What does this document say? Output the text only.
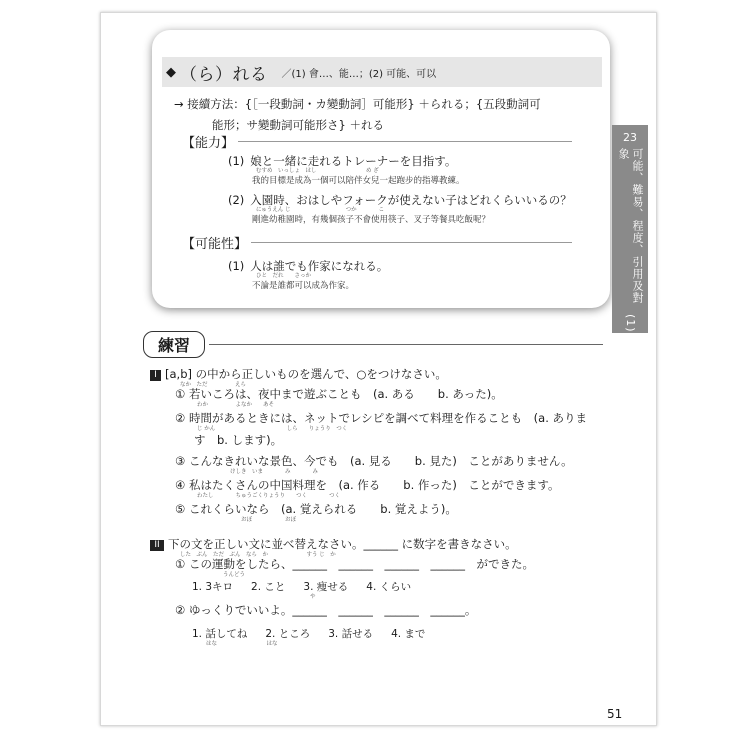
◆ （ら）れる ／(1) 會…、能…；(2) 可能、可以
→ 接續方法：{［一段動詞・カ變動詞］可能形} ＋られる；{五段動詞可
能形；サ變動詞可能形さ} ＋れる
【能力】
(1) 娘と一緒に走れるトレーナーを目指す。
むすめ　いっしょ　はし　　　　　　　　　め ざ
我的目標是成為一個可以陪伴女兒一起跑步的指導教練。
(2) 入園時、おはしやフォークが使えない子はどれくらいいるの？
にゅうえん じ　　　　　　　　　　つか　　　　こ
剛進幼稚園時，有幾個孩子不會使用筷子、叉子等餐具吃飯呢？
【可能性】
(1) 人は誰でも作家になれる。
ひと　だれ　　さっか
不論是誰都可以成為作家。
23
可能、難易、程度、引用及對象
(1)
練習
I [a,b] の中から正しいものを選んで、○をつけなさい。
なか　ただ　　　　　えら
① 若いころは、夜中まで遊ぶことも　(a. ある　　b. あった)。
わか　　　　　よなか　　あそ
② 時間があるときには、ネットでレシピを調べて料理を作ることも　(a. ありま
じ かん　　　　　　　　　　　　　しら　　りょうり　つく
す　b. します)。
③ こんなきれいな景色、今でも　(a. 見る　　b. 見た)　ことがありません。
　　　　　　けしき　いま　　　　み　　　　み
④ 私はたくさんの中国料理を　(a. 作る　　b. 作った)　ことができます。
わたし　　　　ちゅうごくりょうり　　つく　　　　つく
⑤ これくらいなら　(a. 覚えられる　　b. 覚えよう)。
　　　　　　　　おぼ　　　　　　おぼ
II 下の文を正しい文に並べ替えなさい。______ に数字を書きなさい。
した　ぶん　ただ　ぶん　なら　か　　　　　　　すう じ　か
① この運動をしたら、______　______　______　______　ができた。
うんどう
1. 3キロ 2. こと 3. 痩せる 4. くらい
　　　　　　　　　　　　や
② ゆっくりでいいよ。______　______　______　______。
1. 話してね 2. ところ 3. 話せる 4. まで
はな　　　　　　　　　はな
51
